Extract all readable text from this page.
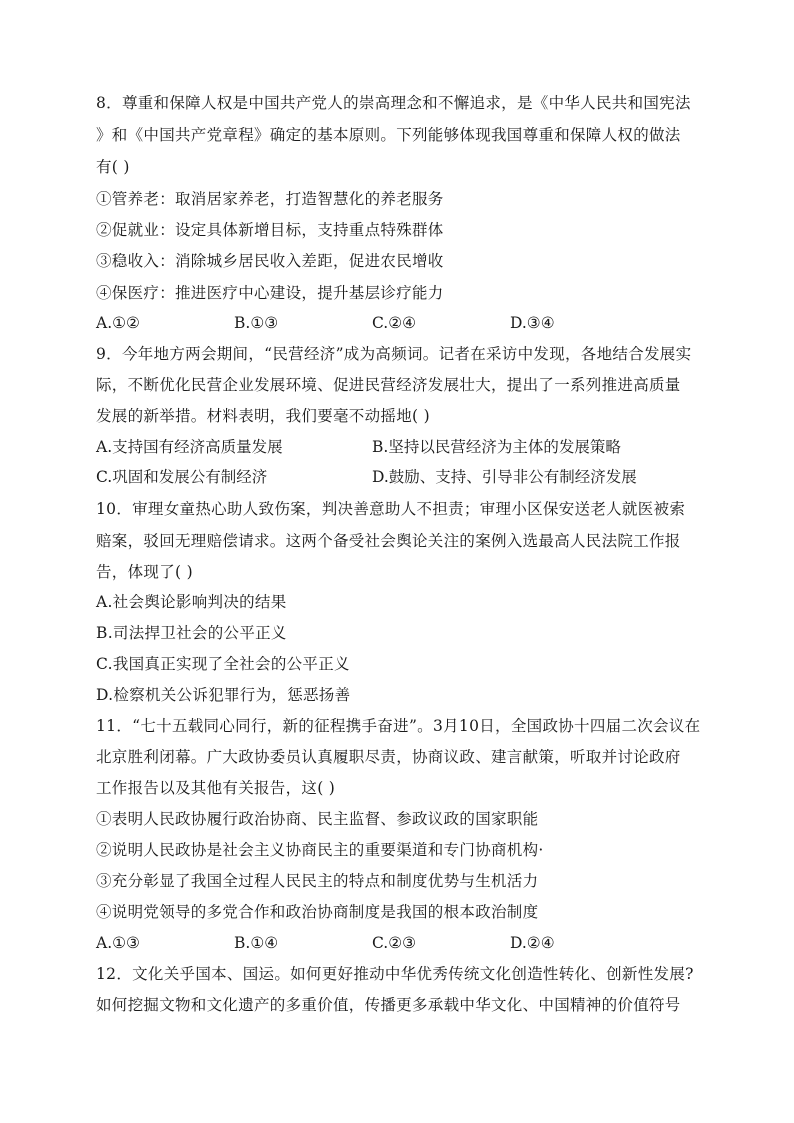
8．尊重和保障人权是中国共产党人的崇高理念和不懈追求，是《中华人民共和国宪法
》和《中国共产党章程》确定的基本原则。下列能够体现我国尊重和保障人权的做法
有( )
①管养老：取消居家养老，打造智慧化的养老服务
②促就业：设定具体新增目标，支持重点特殊群体
③稳收入：消除城乡居民收入差距，促进农民增收
④保医疗：推进医疗中心建设，提升基层诊疗能力
A.①②	B.①③	C.②④	D.③④
9．今年地方两会期间，“民营经济”成为高频词。记者在采访中发现，各地结合发展实
际，不断优化民营企业发展环境、促进民营经济发展壮大，提出了一系列推进高质量
发展的新举措。材料表明，我们要毫不动摇地( )
A.支持国有经济高质量发展	B.坚持以民营经济为主体的发展策略
C.巩固和发展公有制经济	D.鼓励、支持、引导非公有制经济发展
10．审理女童热心助人致伤案，判决善意助人不担责；审理小区保安送老人就医被索
赔案，驳回无理赔偿请求。这两个备受社会舆论关注的案例入选最高人民法院工作报
告，体现了( )
A.社会舆论影响判决的结果
B.司法捍卫社会的公平正义
C.我国真正实现了全社会的公平正义
D.检察机关公诉犯罪行为，惩恶扬善
11．“七十五载同心同行，新的征程携手奋进”。3月10日，全国政协十四届二次会议在
北京胜利闭幕。广大政协委员认真履职尽责，协商议政、建言献策，听取并讨论政府
工作报告以及其他有关报告，这( )
①表明人民政协履行政治协商、民主监督、参政议政的国家职能
②说明人民政协是社会主义协商民主的重要渠道和专门协商机构·
③充分彰显了我国全过程人民民主的特点和制度优势与生机活力
④说明党领导的多党合作和政治协商制度是我国的根本政治制度
A.①③	B.①④	C.②③	D.②④
12．文化关乎国本、国运。如何更好推动中华优秀传统文化创造性转化、创新性发展?
如何挖掘文物和文化遗产的多重价值，传播更多承载中华文化、中国精神的价值符号
